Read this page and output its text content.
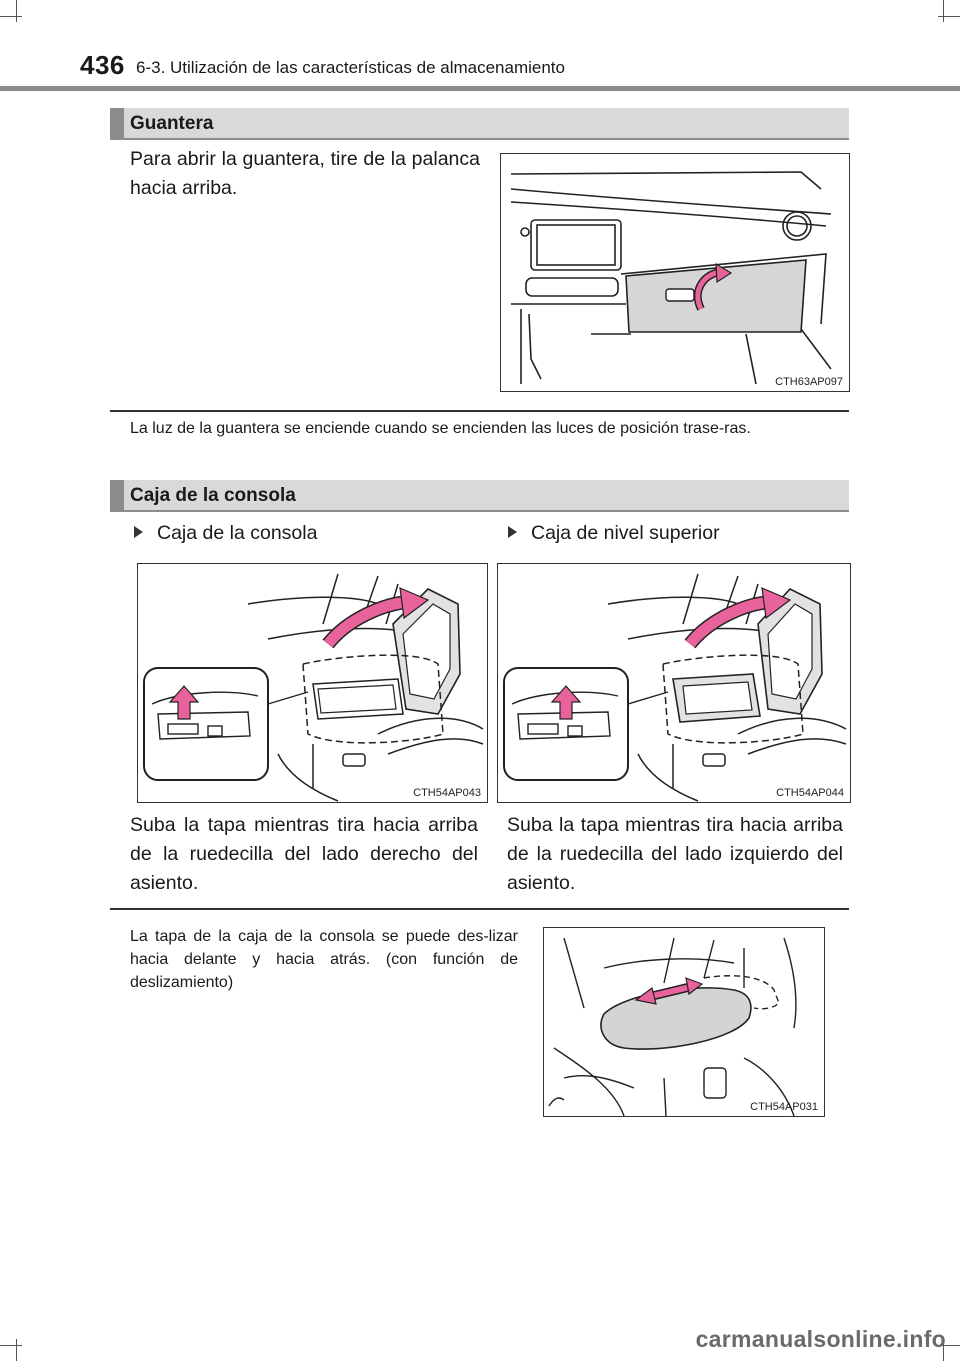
436 6-3. Utilización de las características de almacenamiento
Guantera
Para abrir la guantera, tire de la palanca hacia arriba.
CTH63AP097
La luz de la guantera se enciende cuando se encienden las luces de posición trase-ras.
Caja de la consola
Caja de la consola	Caja de nivel superior
CTH54AP043	CTH54AP044
Suba la tapa mientras tira hacia arriba de la ruedecilla del lado derecho del asiento.
Suba la tapa mientras tira hacia arriba de la ruedecilla del lado izquierdo del asiento.
La tapa de la caja de la consola se puede des-lizar hacia delante y hacia atrás. (con función de deslizamiento)
CTH54AP031
carmanualsonline.info
